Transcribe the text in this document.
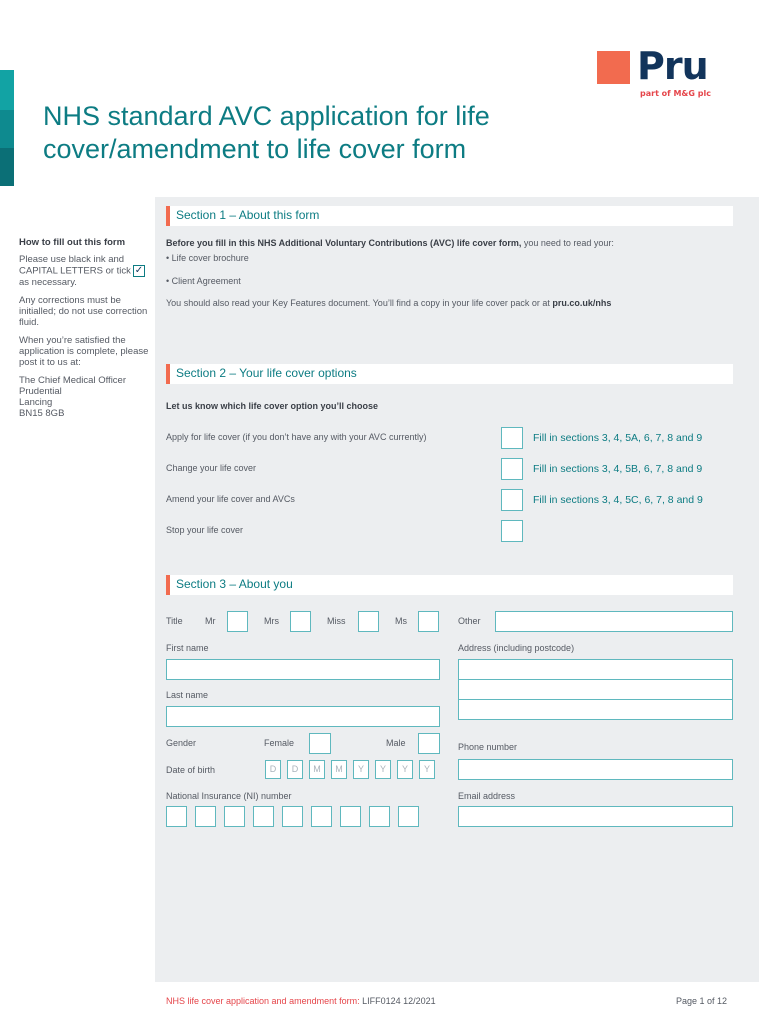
Pru
part of M&G plc
NHS standard AVC application for life cover/amendment to life cover form
How to fill out this form
Please use black ink and CAPITAL LETTERS or tick ✓as necessary.
Any corrections must be initialled; do not use correction fluid.
When you’re satisfied the application is complete, please post it to us at:
The Chief Medical Officer
Prudential
Lancing
BN15 8GB
Section 1 – About this form
Before you fill in this NHS Additional Voluntary Contributions (AVC) life cover form, you need to read your:
• Life cover brochure
• Client Agreement
You should also read your Key Features document. You’ll find a copy in your life cover pack or at pru.co.uk/nhs
Section 2 – Your life cover options
Let us know which life cover option you’ll choose
Apply for life cover (if you don’t have any with your AVC currently)	Fill in sections 3, 4, 5A, 6, 7, 8 and 9
Change your life cover	Fill in sections 3, 4, 5B, 6, 7, 8 and 9
Amend your life cover and AVCs	Fill in sections 3, 4, 5C, 6, 7, 8 and 9
Stop your life cover
Section 3 – About you
Title Mr	Mrs	Miss	Ms	Other
First name
Last name
Address (including postcode)
Gender	Female	Male	Phone number
Date of birth	D	D	M	M	Y	Y	Y	Y
National Insurance (NI) number	Email address
NHS life cover application and amendment form: LIFF0124 12/2021	Page 1 of 12
